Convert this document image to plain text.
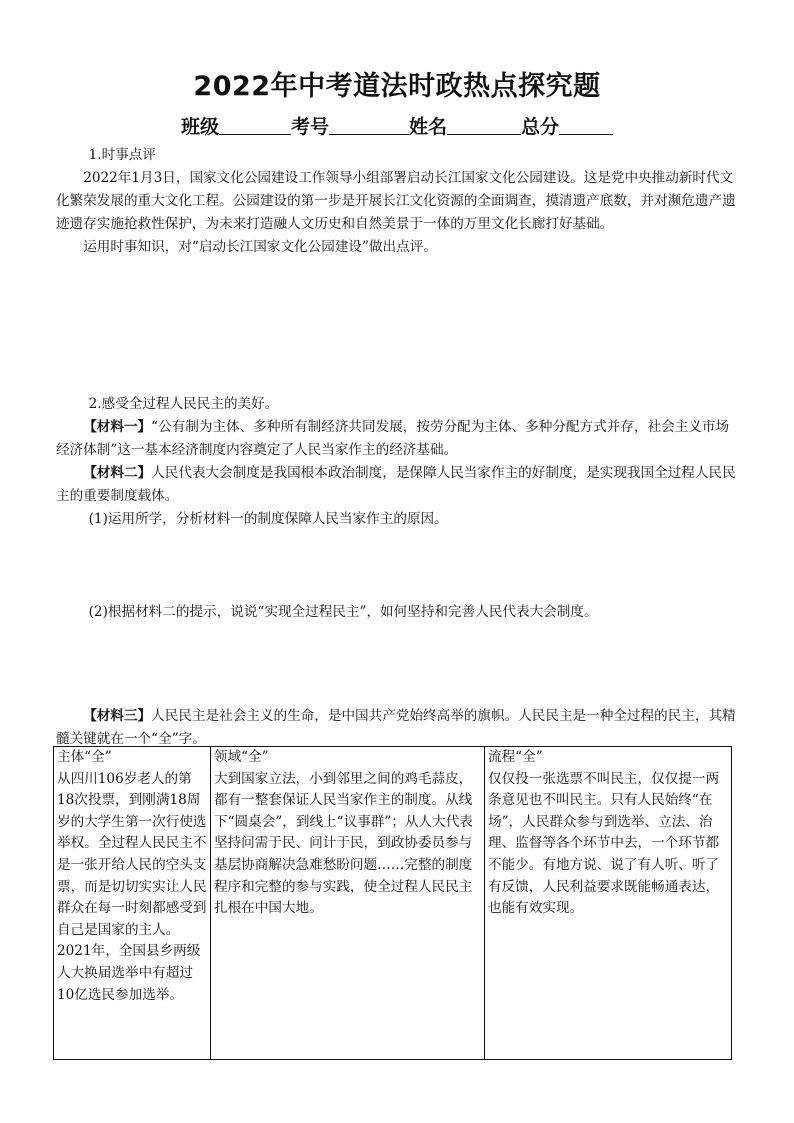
2022年中考道法时政热点探究题
班级	考号	姓名	总分

1.时事点评

2022年1月3日，国家文化公园建设工作领导小组部署启动长江国家文化公园建设。这是党中央推动新时代文化繁荣发展的重大文化工程。公园建设的第一步是开展长江文化资源的全面调查，摸清遗产底数，并对濒危遗产遗迹遗存实施抢救性保护，为未来打造融人文历史和自然美景于一体的万里文化长廊打好基础。

运用时事知识，对“启动长江国家文化公园建设”做出点评。

2.感受全过程人民民主的美好。

【材料一】“公有制为主体、多种所有制经济共同发展，按劳分配为主体、多种分配方式并存，社会主义市场经济体制”这一基本经济制度内容奠定了人民当家作主的经济基础。

【材料二】人民代表大会制度是我国根本政治制度，是保障人民当家作主的好制度，是实现我国全过程人民民主的重要制度载体。

(1)运用所学，分析材料一的制度保障人民当家作主的原因。

(2)根据材料二的提示，说说“实现全过程民主”，如何坚持和完善人民代表大会制度。

【材料三】人民民主是社会主义的生命，是中国共产党始终高举的旗帜。人民民主是一种全过程的民主，其精髓关键就在一个“全”字。

主体“全”
从四川106岁老人的第18次投票，到刚满18周岁的大学生第一次行使选举权。全过程人民民主不是一张开给人民的空头支票，而是切切实实让人民群众在每一时刻都感受到自己是国家的主人。2021年，全国县乡两级人大换届选举中有超过10亿选民参加选举。	
领域“全”
大到国家立法，小到邻里之间的鸡毛蒜皮，都有一整套保证人民当家作主的制度。从线下“圆桌会”，到线上“议事群”；从人大代表坚持问需于民、问计于民，到政协委员参与基层协商解决急难愁盼问题……完整的制度程序和完整的参与实践，使全过程人民民主扎根在中国大地。	
流程“全”
仅仅投一张选票不叫民主，仅仅提一两条意见也不叫民主。只有人民始终“在场”，人民群众参与到选举、立法、治理、监督等各个环节中去，一个环节都不能少。有地方说、说了有人听、听了有反馈，人民利益要求既能畅通表达，也能有效实现。
